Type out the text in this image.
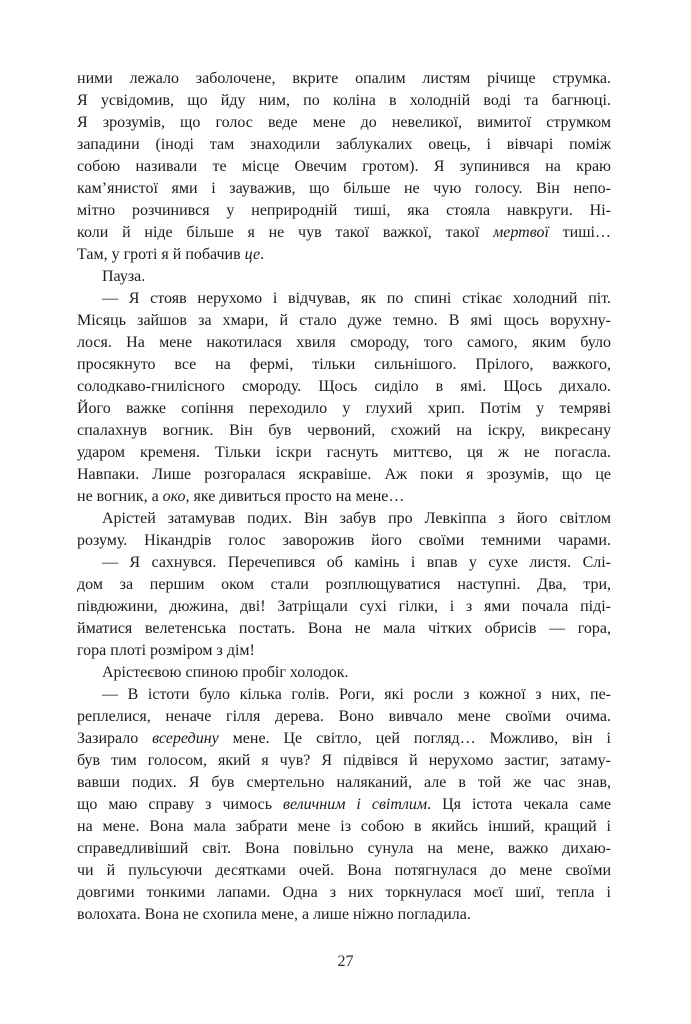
ними лежало заболочене, вкрите опалим листям річище струмка.
Я усвідомив, що йду ним, по коліна в холодній воді та багнюці.
Я зрозумів, що голос веде мене до невеликої, вимитої струмком
западини (іноді там знаходили заблукалих овець, і вівчарі поміж
собою називали те місце Овечим гротом). Я зупинився на краю
кам’янистої ями і зауважив, що більше не чую голосу. Він непо-
мітно розчинився у неприродній тиші, яка стояла навкруги. Ні-
коли й ніде більше я не чув такої важкої, такої мертвої тиші…
Там, у гроті я й побачив це.
Пауза.
— Я стояв нерухомо і відчував, як по спині стікає холодний піт.
Місяць зайшов за хмари, й стало дуже темно. В ямі щось ворухну-
лося. На мене накотилася хвиля смороду, того самого, яким було
просякнуто все на фермі, тільки сильнішого. Прілого, важкого,
солодкаво-гнилісного смороду. Щось сиділо в ямі. Щось дихало.
Його важке сопіння переходило у глухий хрип. Потім у темряві
спалахнув вогник. Він був червоний, схожий на іскру, викресану
ударом кременя. Тільки іскри гаснуть миттєво, ця ж не погасла.
Навпаки. Лише розгоралася яскравіше. Аж поки я зрозумів, що це
не вогник, а око, яке дивиться просто на мене…
Арістей затамував подих. Він забув про Левкіппа з його світлом
розуму. Нікандрів голос заворожив його своїми темними чарами.
— Я сахнувся. Перечепився об камінь і впав у сухе листя. Слі-
дом за першим оком стали розплющуватися наступні. Два, три,
півдюжини, дюжина, дві! Затріщали сухі гілки, і з ями почала піді-
йматися велетенська постать. Вона не мала чітких обрисів — гора,
гора плоті розміром з дім!
Арістеєвою спиною пробіг холодок.
— В істоти було кілька голів. Роги, які росли з кожної з них, пе-
реплелися, неначе гілля дерева. Воно вивчало мене своїми очима.
Зазирало всередину мене. Це світло, цей погляд… Можливо, він і
був тим голосом, який я чув? Я підвівся й нерухомо застиг, затаму-
вавши подих. Я був смертельно наляканий, але в той же час знав,
що маю справу з чимось величним і світлим. Ця істота чекала саме
на мене. Вона мала забрати мене із собою в якийсь інший, кращий і
справедливіший світ. Вона повільно сунула на мене, важко дихаю-
чи й пульсуючи десятками очей. Вона потягнулася до мене своїми
довгими тонкими лапами. Одна з них торкнулася моєї шиї, тепла і
волохата. Вона не схопила мене, а лише ніжно погладила.
27
